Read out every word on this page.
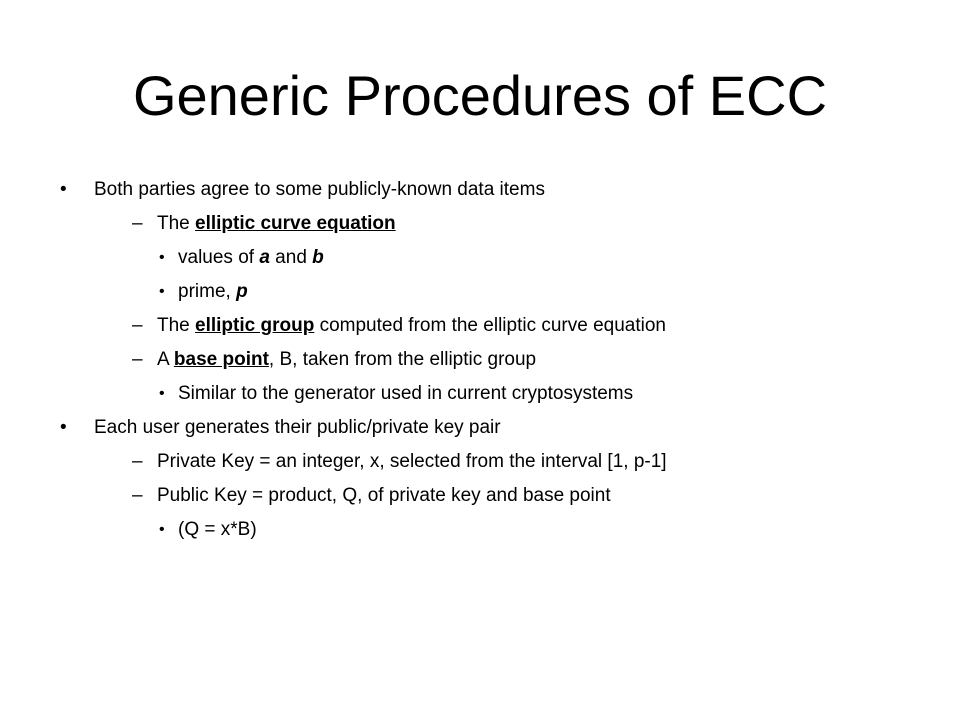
Generic Procedures of ECC
• Both parties agree to some publicly-known data items
– The elliptic curve equation
• values of a and b
• prime, p
– The elliptic group computed from the elliptic curve equation
– A base point, B, taken from the elliptic group
• Similar to the generator used in current cryptosystems
• Each user generates their public/private key pair
– Private Key = an integer, x, selected from the interval [1, p-1]
– Public Key = product, Q, of private key and base point
• (Q = x*B)
